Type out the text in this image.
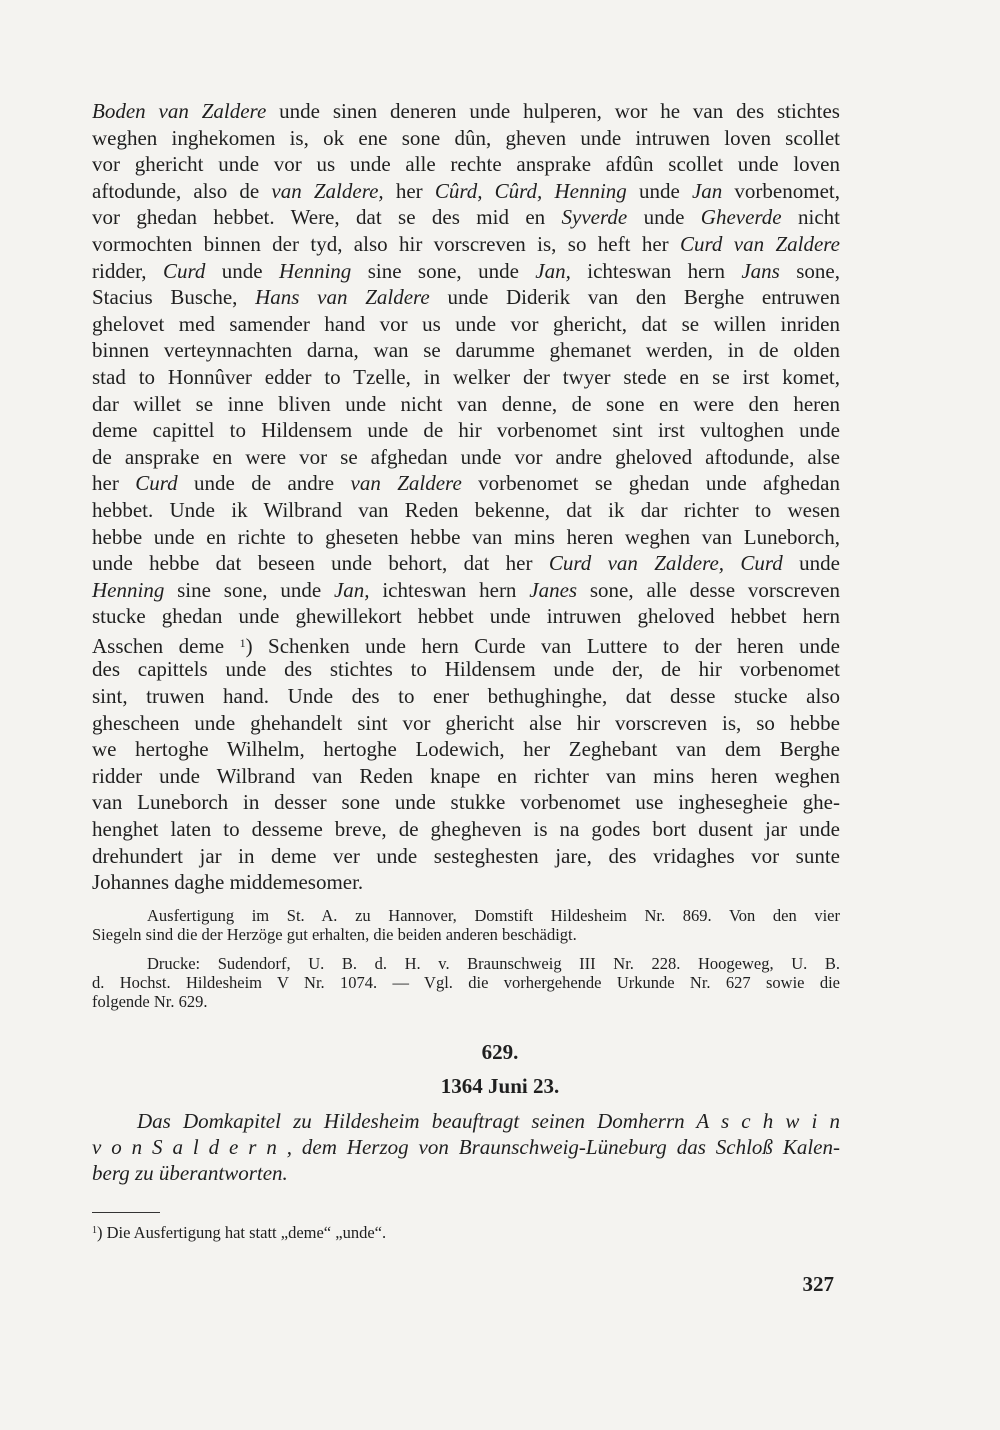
Boden van Zaldere unde sinen deneren unde hulperen, wor he van des stichtes
weghen inghekomen is, ok ene sone dûn, gheven unde intruwen loven scollet
vor ghericht unde vor us unde alle rechte ansprake afdûn scollet unde loven
aftodunde, also de van Zaldere, her Cûrd, Cûrd, Henning unde Jan vorbenomet,
vor ghedan hebbet. Were, dat se des mid en Syverde unde Gheverde nicht
vormochten binnen der tyd, also hir vorscreven is, so heft her Curd van Zaldere
ridder, Curd unde Henning sine sone, unde Jan, ichteswan hern Jans sone,
Stacius Busche, Hans van Zaldere unde Diderik van den Berghe entruwen
ghelovet med samender hand vor us unde vor ghericht, dat se willen inriden
binnen verteynnachten darna, wan se darumme ghemanet werden, in de olden
stad to Honnûver edder to Tzelle, in welker der twyer stede en se irst komet,
dar willet se inne bliven unde nicht van denne, de sone en were den heren
deme capittel to Hildensem unde de hir vorbenomet sint irst vultoghen unde
de ansprake en were vor se afghedan unde vor andre gheloved aftodunde, alse
her Curd unde de andre van Zaldere vorbenomet se ghedan unde afghedan
hebbet. Unde ik Wilbrand van Reden bekenne, dat ik dar richter to wesen
hebbe unde en richte to gheseten hebbe van mins heren weghen van Luneborch,
unde hebbe dat beseen unde behort, dat her Curd van Zaldere, Curd unde
Henning sine sone, unde Jan, ichteswan hern Janes sone, alle desse vorscreven
stucke ghedan unde ghewillekort hebbet unde intruwen gheloved hebbet hern
Asschen deme $^1$) Schenken unde hern Curde van Luttere to der heren unde
des capittels unde des stichtes to Hildensem unde der, de hir vorbenomet
sint, truwen hand. Unde des to ener bethughinghe, dat desse stucke also
ghescheen unde ghehandelt sint vor ghericht alse hir vorscreven is, so hebbe
we hertoghe Wilhelm, hertoghe Lodewich, her Zeghebant van dem Berghe
ridder unde Wilbrand van Reden knape en richter van mins heren weghen
van Luneborch in desser sone unde stukke vorbenomet use inghesegheie ghe-
henghet laten to desseme breve, de ghegheven is na godes bort dusent jar unde
drehundert jar in deme ver unde sesteghesten jare, des vridaghes vor sunte
Johannes daghe middemesomer.
Ausfertigung im St. A. zu Hannover, Domstift Hildesheim Nr. 869. Von den vier
Siegeln sind die der Herzöge gut erhalten, die beiden anderen beschädigt.
Drucke: Sudendorf, U. B. d. H. v. Braunschweig III Nr. 228. Hoogeweg, U. B.
d. Hochst. Hildesheim V Nr. 1074. — Vgl. die vorhergehende Urkunde Nr. 627 sowie die
folgende Nr. 629.

629.

1364 Juni 23.

Das Domkapitel zu Hildesheim beauftragt seinen Domherrn A s c h w i n
v o n S a l d e r n , dem Herzog von Braunschweig-Lüneburg das Schloß Kalen-
berg zu überantworten.

$^1$) Die Ausfertigung hat statt „deme“ „unde“.

327
